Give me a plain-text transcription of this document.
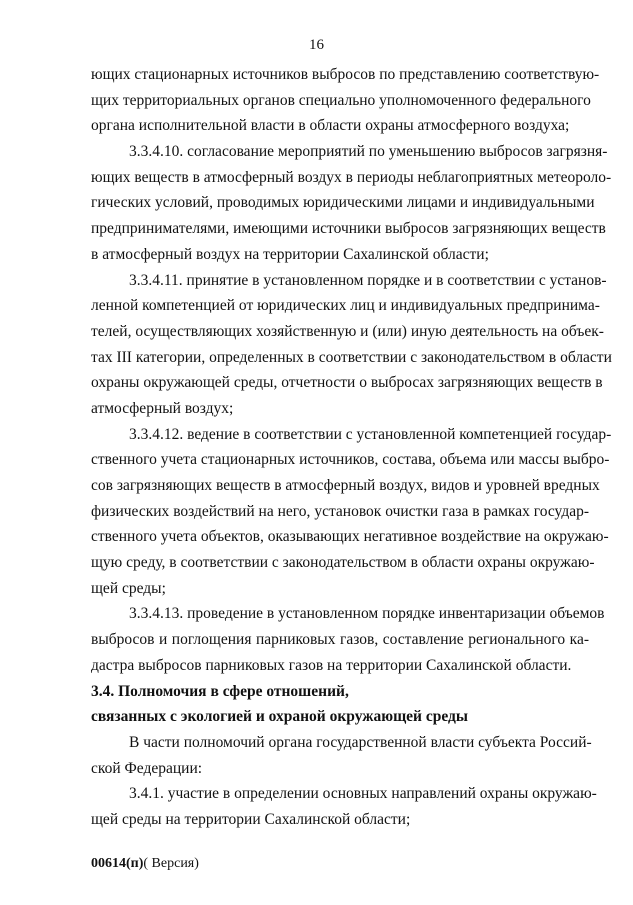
16
ющих стационарных источников выбросов по представлению соответствую-
щих территориальных органов специально уполномоченного федерального
органа исполнительной власти в области охраны атмосферного воздуха;
3.3.4.10. согласование мероприятий по уменьшению выбросов загрязня-
ющих веществ в атмосферный воздух в периоды неблагоприятных метеороло-
гических условий, проводимых юридическими лицами и индивидуальными
предпринимателями, имеющими источники выбросов загрязняющих веществ
в атмосферный воздух на территории Сахалинской области;
3.3.4.11. принятие в установленном порядке и в соответствии с установ-
ленной компетенцией от юридических лиц и индивидуальных предпринима-
телей, осуществляющих хозяйственную и (или) иную деятельность на объек-
тах III категории, определенных в соответствии с законодательством в области
охраны окружающей среды, отчетности о выбросах загрязняющих веществ в
атмосферный воздух;
3.3.4.12. ведение в соответствии с установленной компетенцией государ-
ственного учета стационарных источников, состава, объема или массы выбро-
сов загрязняющих веществ в атмосферный воздух, видов и уровней вредных
физических воздействий на него, установок очистки газа в рамках государ-
ственного учета объектов, оказывающих негативное воздействие на окружаю-
щую среду, в соответствии с законодательством в области охраны окружаю-
щей среды;
3.3.4.13. проведение в установленном порядке инвентаризации объемов
выбросов и поглощения парниковых газов, составление регионального ка-
дастра выбросов парниковых газов на территории Сахалинской области.
3.4. Полномочия в сфере отношений,
связанных с экологией и охраной окружающей среды
В части полномочий органа государственной власти субъекта Россий-
ской Федерации:
3.4.1. участие в определении основных направлений охраны окружаю-
щей среды на территории Сахалинской области;
00614(п)( Версия)
